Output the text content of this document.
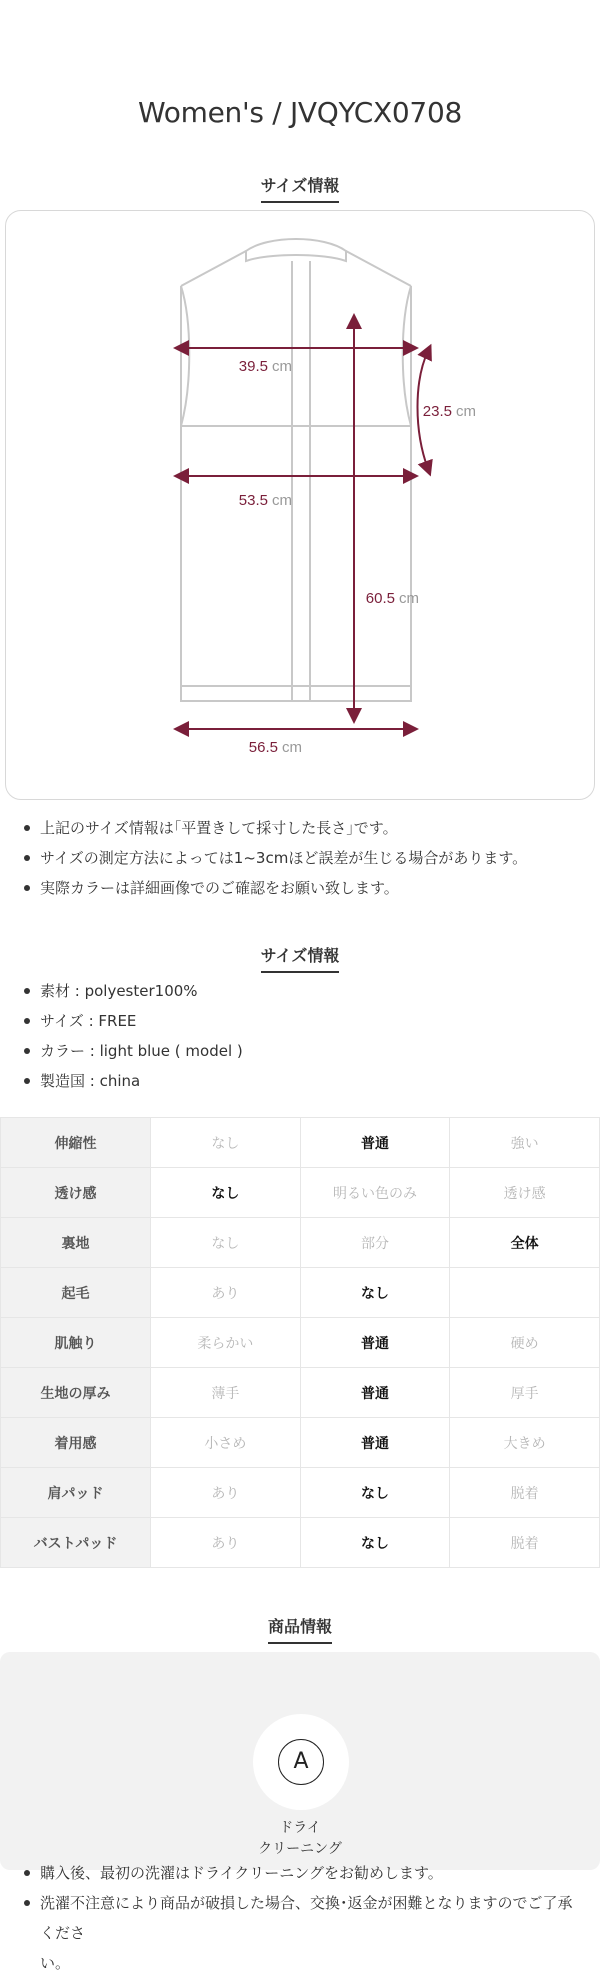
Women's / JVQYCX0708
サイズ情報
39.5 cm
23.5 cm
53.5 cm
60.5 cm
56.5 cm
上記のサイズ情報は｢平置きして採寸した長さ｣です。
サイズの測定方法によっては1~3cmほど誤差が生じる場合があります。
実際カラーは詳細画像でのご確認をお願い致します。
サイズ情報
素材 : polyester100%
サイズ : FREE
カラー : light blue ( model )
製造国 : china
伸縮性	なし	普通	強い
透け感	なし	明るい色のみ	透け感
裏地	なし	部分	全体
起毛	あり	なし	
肌触り	柔らかい	普通	硬め
生地の厚み	薄手	普通	厚手
着用感	小さめ	普通	大きめ
肩パッド	あり	なし	脱着
バストパッド	あり	なし	脱着
商品情報
A
ドライ
クリーニング
購入後、最初の洗濯はドライクリーニングをお勧めします。
洗濯不注意により商品が破損した場合、交換･返金が困難となりますのでご了承くださ
い。
